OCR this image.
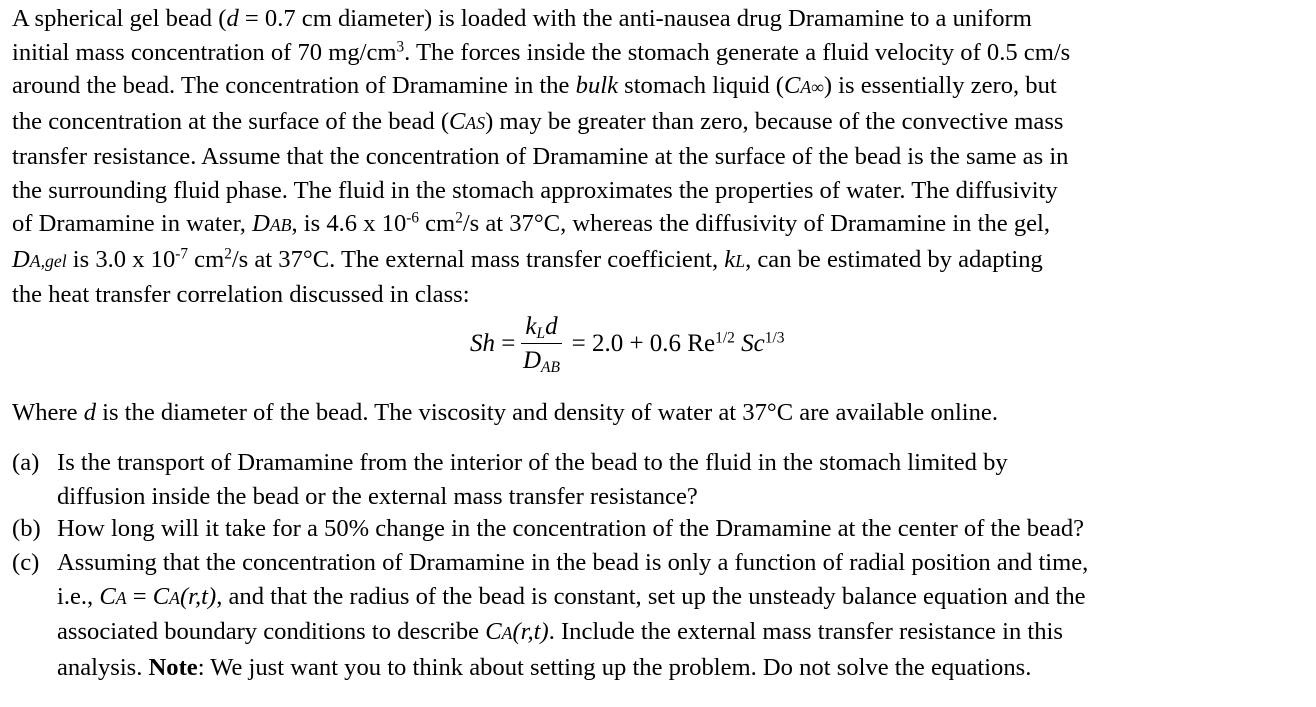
A spherical gel bead (d = 0.7 cm diameter) is loaded with the anti-nausea drug Dramamine to a uniform
initial mass concentration of 70 $mg/cm^3$. The forces inside the stomach generate a fluid velocity of 0.5 cm/s
around the bead. The concentration of Dramamine in the bulk stomach liquid (CA∞) is essentially zero, but
the concentration at the surface of the bead (CAS) may be greater than zero, because of the convective mass
transfer resistance. Assume that the concentration of Dramamine at the surface of the bead is the same as in
the surrounding fluid phase. The fluid in the stomach approximates the properties of water. The diffusivity
of Dramamine in water, DAB, is 4.6 x $10^{-6}$ $cm^2/s$ at 37°C, whereas the diffusivity of Dramamine in the gel,
DA,gel is 3.0 x $10^{-7}$ $cm^2/s$ at 37°C. The external mass transfer coefficient, kL, can be estimated by adapting
the heat transfer correlation discussed in class:
$Sh = \frac{k_Ld}{D_{AB}} = 2.0 + 0.6$ $Re^{1/2}$ $Sc^{1/3}$
Where d is the diameter of the bead. The viscosity and density of water at 37°C are available online.
(a) Is the transport of Dramamine from the interior of the bead to the fluid in the stomach limited by
diffusion inside the bead or the external mass transfer resistance?
(b) How long will it take for a 50% change in the concentration of the Dramamine at the center of the bead?
(c) Assuming that the concentration of Dramamine in the bead is only a function of radial position and time,
i.e., CA = CA(r,t), and that the radius of the bead is constant, set up the unsteady balance equation and the
associated boundary conditions to describe CA(r,t). Include the external mass transfer resistance in this
analysis. Note: We just want you to think about setting up the problem. Do not solve the equations.
